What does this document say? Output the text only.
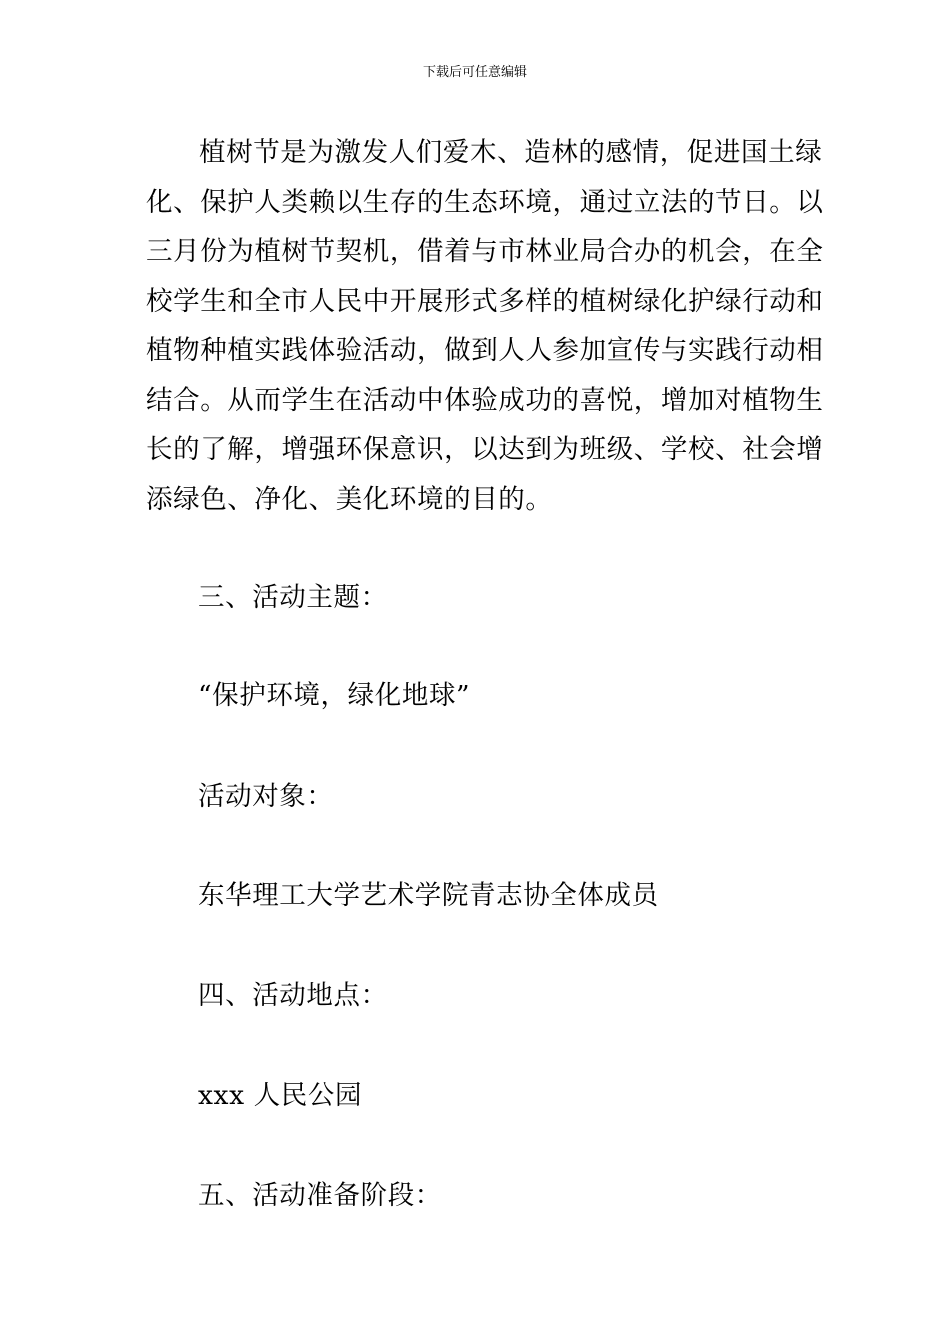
下载后可任意编辑

植树节是为激发人们爱木、造林的感情，促进国土绿
化、保护人类赖以生存的生态环境，通过立法的节日。以
三月份为植树节契机，借着与市林业局合办的机会，在全
校学生和全市人民中开展形式多样的植树绿化护绿行动和
植物种植实践体验活动，做到人人参加宣传与实践行动相
结合。从而学生在活动中体验成功的喜悦，增加对植物生
长的了解，增强环保意识，以达到为班级、学校、社会增
添绿色、净化、美化环境的目的。

三、活动主题：

“保护环境，绿化地球”

活动对象：

东华理工大学艺术学院青志协全体成员

四、活动地点：

xxx 人民公园

五、活动准备阶段：
